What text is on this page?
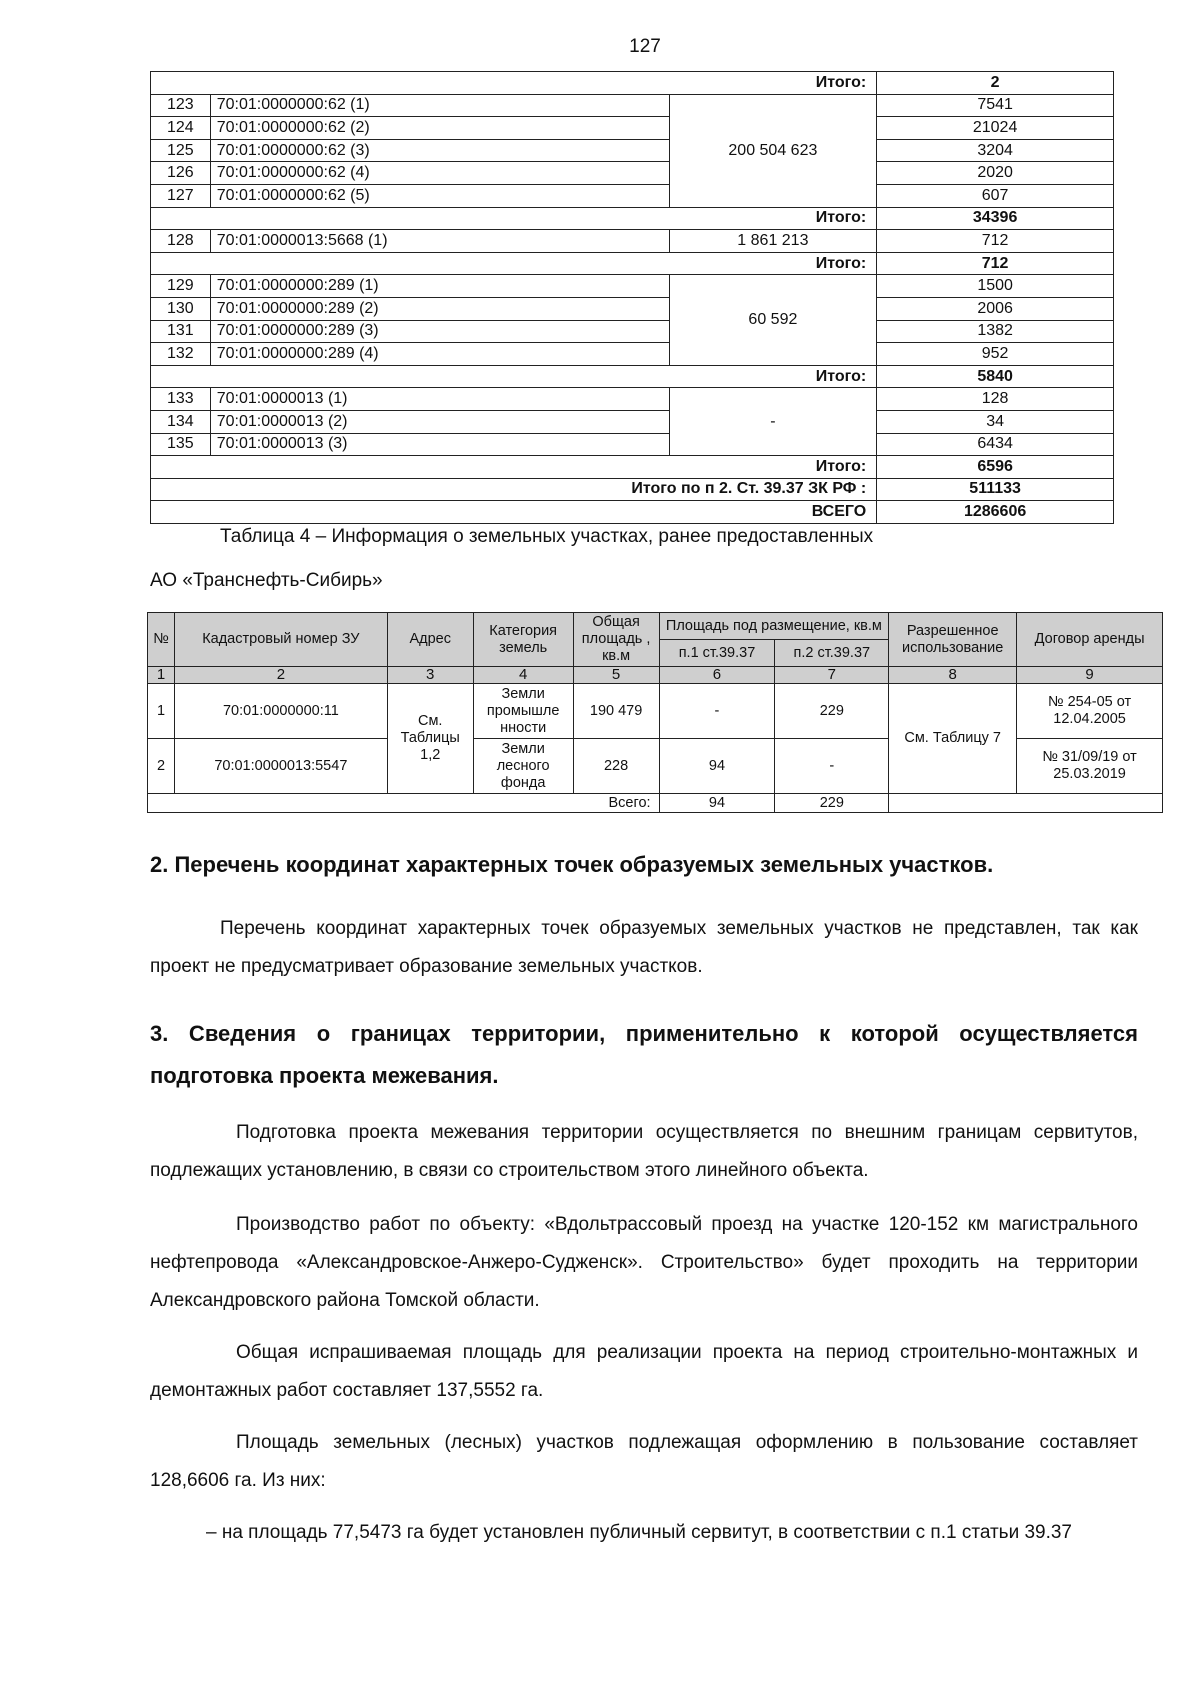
127
Итого:			2
123	70:01:0000000:62 (1)	200 504 623	7541
124	70:01:0000000:62 (2)		21024
125	70:01:0000000:62 (3)		3204
126	70:01:0000000:62 (4)		2020
127	70:01:0000000:62 (5)		607
Итого:			34396
128	70:01:0000013:5668 (1)	1 861 213	712
Итого:			712
129	70:01:0000000:289 (1)	60 592	1500
130	70:01:0000000:289 (2)		2006
131	70:01:0000000:289 (3)		1382
132	70:01:0000000:289 (4)		952
Итого:			5840
133	70:01:0000013 (1)	-	128
134	70:01:0000013 (2)		34
135	70:01:0000013 (3)		6434
Итого:			6596
Итого по п 2. Ст. 39.37 ЗК РФ :			511133
ВСЕГО			1286606
Таблица 4 – Информация о земельных участках, ранее предоставленных
АО «Транснефть-Сибирь»
№	Кадастровый номер ЗУ	Адрес	Категория земель	Общая площадь , кв.м	Площадь под размещение, кв.м		Разрешенное использование	Договор аренды
					п.1 ст.39.37	п.2 ст.39.37		
1	2	3	4	5	6	7	8	9
1	70:01:0000000:11	См. Таблицы 1,2	Земли промышле нности	190 479	-	229	См. Таблицу 7	№ 254-05 от 12.04.2005
2	70:01:0000013:5547		Земли лесного фонда	228	94	-		№ 31/09/19 от 25.03.2019
Всего:					94	229		
2. Перечень координат характерных точек образуемых земельных участков.
Перечень координат характерных точек образуемых земельных участков не представлен, так как проект не предусматривает образование земельных участков.
3. Сведения о границах территории, применительно к которой осуществляется подготовка проекта межевания.
Подготовка проекта межевания территории осуществляется по внешним границам сервитутов, подлежащих установлению, в связи со строительством этого линейного объекта.
Производство работ по объекту: «Вдольтрассовый проезд на участке 120-152 км магистрального нефтепровода «Александровское-Анжеро-Судженск». Строительство» будет проходить на территории Александровского района Томской области.
Общая испрашиваемая площадь для реализации проекта на период строительно-монтажных и демонтажных работ составляет 137,5552 га.
Площадь земельных (лесных) участков подлежащая оформлению в пользование составляет 128,6606 га. Из них:
– на площадь 77,5473 га будет установлен публичный сервитут, в соответствии с п.1 статьи 39.37
